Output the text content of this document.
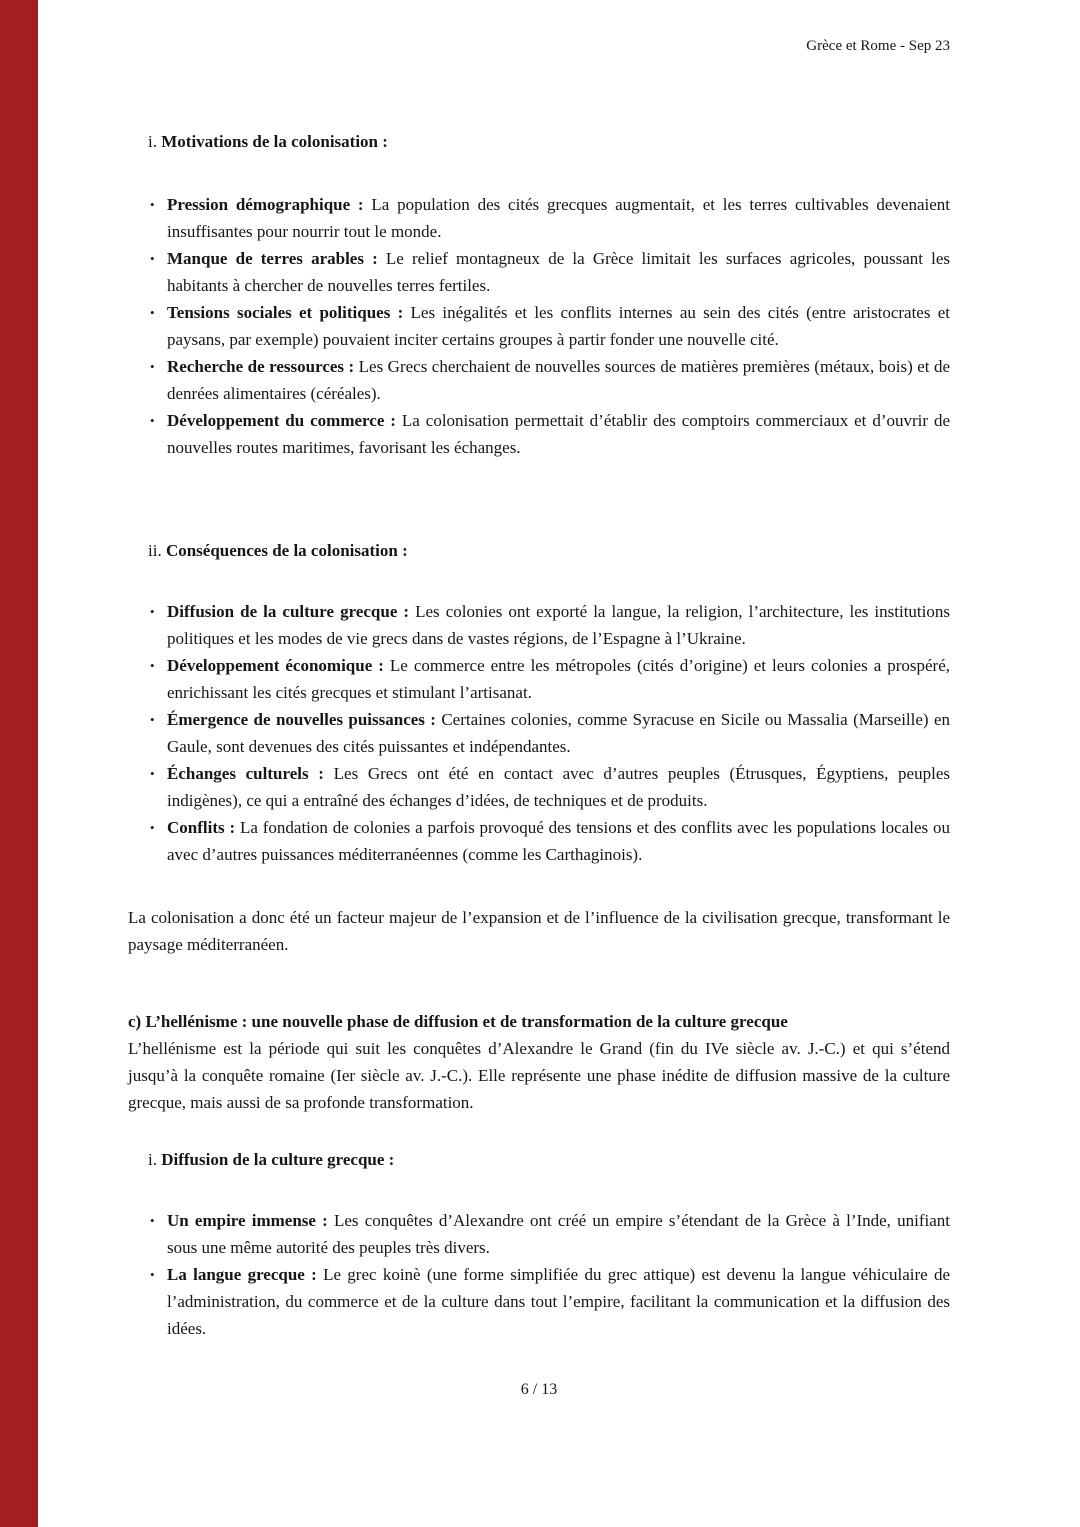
Grèce et Rome - Sep 23

i. Motivations de la colonisation :

• Pression démographique : La population des cités grecques augmentait, et les terres cultivables devenaient insuffisantes pour nourrir tout le monde.
• Manque de terres arables : Le relief montagneux de la Grèce limitait les surfaces agricoles, poussant les habitants à chercher de nouvelles terres fertiles.
• Tensions sociales et politiques : Les inégalités et les conflits internes au sein des cités (entre aristocrates et paysans, par exemple) pouvaient inciter certains groupes à partir fonder une nouvelle cité.
• Recherche de ressources : Les Grecs cherchaient de nouvelles sources de matières premières (métaux, bois) et de denrées alimentaires (céréales).
• Développement du commerce : La colonisation permettait d’établir des comptoirs commerciaux et d’ouvrir de nouvelles routes maritimes, favorisant les échanges.

ii. Conséquences de la colonisation :

• Diffusion de la culture grecque : Les colonies ont exporté la langue, la religion, l’architecture, les institutions politiques et les modes de vie grecs dans de vastes régions, de l’Espagne à l’Ukraine.
• Développement économique : Le commerce entre les métropoles (cités d’origine) et leurs colonies a prospéré, enrichissant les cités grecques et stimulant l’artisanat.
• Émergence de nouvelles puissances : Certaines colonies, comme Syracuse en Sicile ou Massalia (Marseille) en Gaule, sont devenues des cités puissantes et indépendantes.
• Échanges culturels : Les Grecs ont été en contact avec d’autres peuples (Étrusques, Égyptiens, peuples indigènes), ce qui a entraîné des échanges d’idées, de techniques et de produits.
• Conflits : La fondation de colonies a parfois provoqué des tensions et des conflits avec les populations locales ou avec d’autres puissances méditerranéennes (comme les Carthaginois).

La colonisation a donc été un facteur majeur de l’expansion et de l’influence de la civilisation grecque, transformant le paysage méditerranéen.

c) L’hellénisme : une nouvelle phase de diffusion et de transformation de la culture grecque

L’hellénisme est la période qui suit les conquêtes d’Alexandre le Grand (fin du IVe siècle av. J.-C.) et qui s’étend jusqu’à la conquête romaine (Ier siècle av. J.-C.). Elle représente une phase inédite de diffusion massive de la culture grecque, mais aussi de sa profonde transformation.

i. Diffusion de la culture grecque :

• Un empire immense : Les conquêtes d’Alexandre ont créé un empire s’étendant de la Grèce à l’Inde, unifiant sous une même autorité des peuples très divers.
• La langue grecque : Le grec koinè (une forme simplifiée du grec attique) est devenu la langue véhiculaire de l’administration, du commerce et de la culture dans tout l’empire, facilitant la communication et la diffusion des idées.
6 / 13
